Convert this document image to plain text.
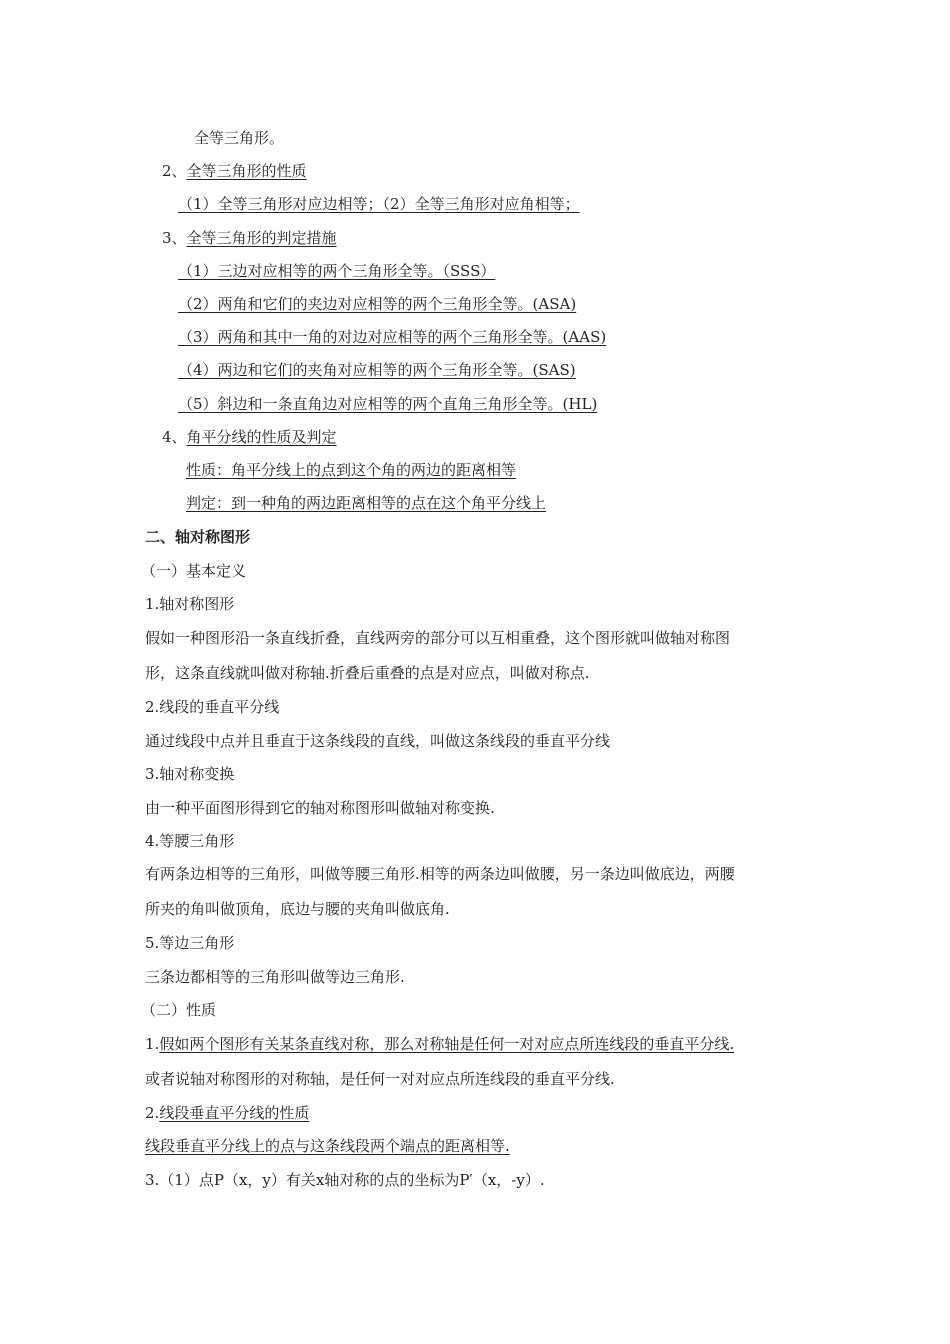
全等三角形。
2、全等三角形的性质
（1）全等三角形对应边相等；（2）全等三角形对应角相等；
3、全等三角形的判定措施
（1）三边对应相等的两个三角形全等。（SSS）
（2）两角和它们的夹边对应相等的两个三角形全等。(ASA)
（3）两角和其中一角的对边对应相等的两个三角形全等。(AAS)
（4）两边和它们的夹角对应相等的两个三角形全等。(SAS)
（5）斜边和一条直角边对应相等的两个直角三角形全等。(HL)
4、角平分线的性质及判定
性质：角平分线上的点到这个角的两边的距离相等
判定：到一种角的两边距离相等的点在这个角平分线上
二、轴对称图形
（一）基本定义
1.轴对称图形
假如一种图形沿一条直线折叠，直线两旁的部分可以互相重叠，这个图形就叫做轴对称图
形，这条直线就叫做对称轴.折叠后重叠的点是对应点，叫做对称点.
2.线段的垂直平分线
通过线段中点并且垂直于这条线段的直线，叫做这条线段的垂直平分线
3.轴对称变换
由一种平面图形得到它的轴对称图形叫做轴对称变换.
4.等腰三角形
有两条边相等的三角形，叫做等腰三角形.相等的两条边叫做腰，另一条边叫做底边，两腰
所夹的角叫做顶角，底边与腰的夹角叫做底角.
5.等边三角形
三条边都相等的三角形叫做等边三角形.
（二）性质
1.假如两个图形有关某条直线对称，那么对称轴是任何一对对应点所连线段的垂直平分线.
或者说轴对称图形的对称轴，是任何一对对应点所连线段的垂直平分线.
2.线段垂直平分线的性质
线段垂直平分线上的点与这条线段两个端点的距离相等.
3.（1）点P（x，y）有关x轴对称的点的坐标为P′（x，-y）.
